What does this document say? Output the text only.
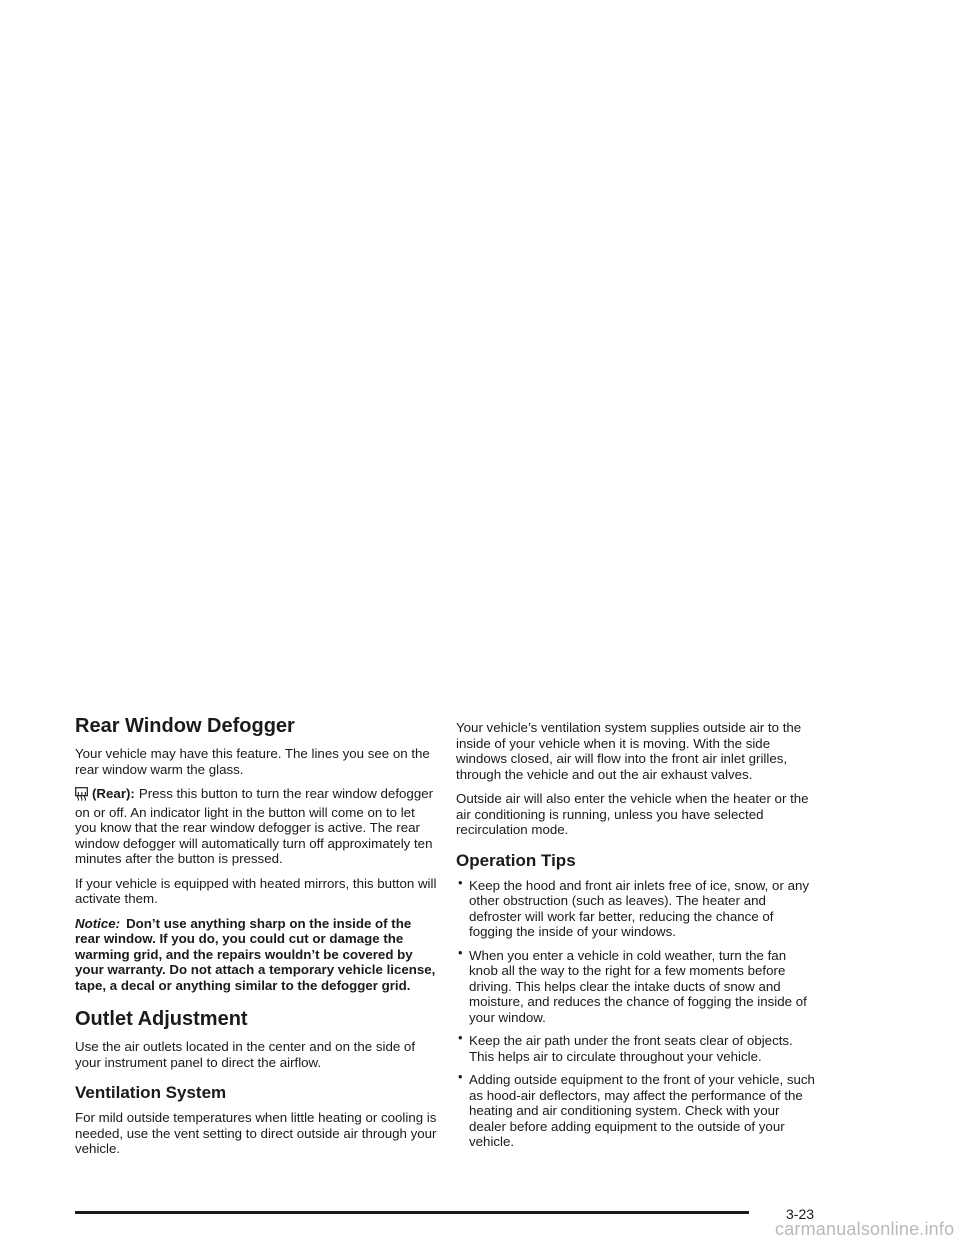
Rear Window Defogger

Your vehicle may have this feature. The lines you see on the rear window warm the glass.

(Rear): Press this button to turn the rear window defogger on or off. An indicator light in the button will come on to let you know that the rear window defogger is active. The rear window defogger will automatically turn off approximately ten minutes after the button is pressed.

If your vehicle is equipped with heated mirrors, this button will activate them.

Notice: Don’t use anything sharp on the inside of the rear window. If you do, you could cut or damage the warming grid, and the repairs wouldn’t be covered by your warranty. Do not attach a temporary vehicle license, tape, a decal or anything similar to the defogger grid.

Outlet Adjustment

Use the air outlets located in the center and on the side of your instrument panel to direct the airflow.

Ventilation System

For mild outside temperatures when little heating or cooling is needed, use the vent setting to direct outside air through your vehicle.

Your vehicle’s ventilation system supplies outside air to the inside of your vehicle when it is moving. With the side windows closed, air will flow into the front air inlet grilles, through the vehicle and out the air exhaust valves.

Outside air will also enter the vehicle when the heater or the air conditioning is running, unless you have selected recirculation mode.

Operation Tips
• Keep the hood and front air inlets free of ice, snow, or any other obstruction (such as leaves). The heater and defroster will work far better, reducing the chance of fogging the inside of your windows.
• When you enter a vehicle in cold weather, turn the fan knob all the way to the right for a few moments before driving. This helps clear the intake ducts of snow and moisture, and reduces the chance of fogging the inside of your window.
• Keep the air path under the front seats clear of objects. This helps air to circulate throughout your vehicle.
• Adding outside equipment to the front of your vehicle, such as hood-air deflectors, may affect the performance of the heating and air conditioning system. Check with your dealer before adding equipment to the outside of your vehicle.
3-23
carmanualsonline.info
